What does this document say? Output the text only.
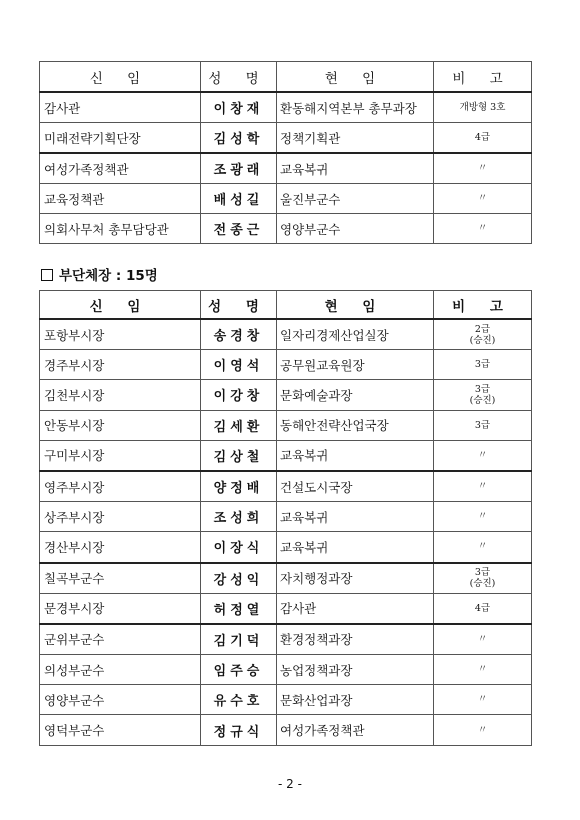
신 임	성 명	현 임	비 고
감사관	이창재	환동해지역본부 총무과장	개방형 3호
미래전략기획단장	김성학	정책기획관	4급
여성가족정책관	조광래	교육복귀	〃
교육정책관	배성길	울진부군수	〃
의회사무처 총무담당관	전종근	영양부군수	〃
부단체장 : 15명
신 임	성 명	현 임	비 고
포항부시장	송경창	일자리경제산업실장	2급
(승진)
경주부시장	이영석	공무원교육원장	3급
김천부시장	이강창	문화예술과장	3급
(승진)
안동부시장	김세환	동해안전략산업국장	3급
구미부시장	김상철	교육복귀	〃
영주부시장	양정배	건설도시국장	〃
상주부시장	조성희	교육복귀	〃
경산부시장	이장식	교육복귀	〃
칠곡부군수	강성익	자치행정과장	3급
(승진)
문경부시장	허정열	감사관	4급
군위부군수	김기덕	환경정책과장	〃
의성부군수	임주승	농업정책과장	〃
영양부군수	유수호	문화산업과장	〃
영덕부군수	정규식	여성가족정책관	〃
- 2 -
